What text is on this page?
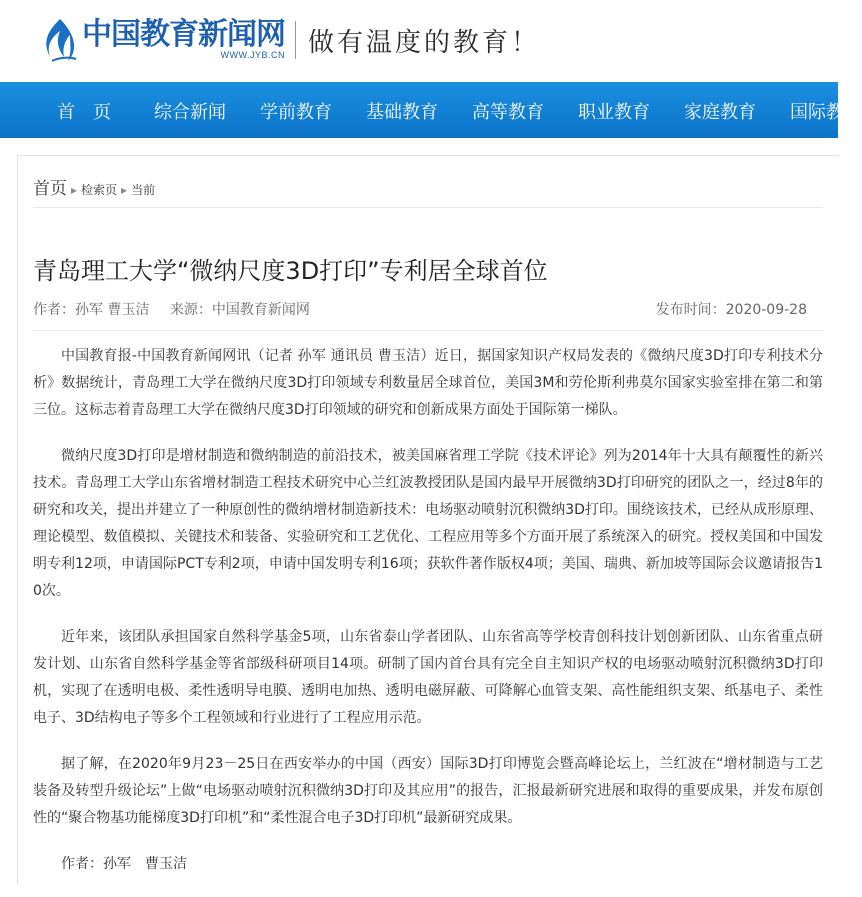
中国教育新闻网
WWW.JYB.CN 做有温度的教育！
首　页 综合新闻 学前教育 基础教育 高等教育 职业教育 家庭教育 国际教育
首页 ▸ 检索页 ▸ 当前
青岛理工大学“微纳尺度3D打印”专利居全球首位
作者：孙军 曹玉洁 来源：中国教育新闻网	发布时间：2020-09-28

中国教育报-中国教育新闻网讯（记者 孙军 通讯员 曹玉洁）近日，据国家知识产权局发表的《微纳尺度3D打印专利技术分析》数据统计，青岛理工大学在微纳尺度3D打印领域专利数量居全球首位，美国3M和劳伦斯利弗莫尔国家实验室排在第二和第三位。这标志着青岛理工大学在微纳尺度3D打印领域的研究和创新成果方面处于国际第一梯队。

微纳尺度3D打印是增材制造和微纳制造的前沿技术，被美国麻省理工学院《技术评论》列为2014年十大具有颠覆性的新兴技术。青岛理工大学山东省增材制造工程技术研究中心兰红波教授团队是国内最早开展微纳3D打印研究的团队之一，经过8年的研究和攻关，提出并建立了一种原创性的微纳增材制造新技术：电场驱动喷射沉积微纳3D打印。围绕该技术，已经从成形原理、理论模型、数值模拟、关键技术和装备、实验研究和工艺优化、工程应用等多个方面开展了系统深入的研究。授权美国和中国发明专利12项，申请国际PCT专利2项，申请中国发明专利16项；获软件著作版权4项；美国、瑞典、新加坡等国际会议邀请报告10次。

近年来，该团队承担国家自然科学基金5项，山东省泰山学者团队、山东省高等学校青创科技计划创新团队、山东省重点研发计划、山东省自然科学基金等省部级科研项目14项。研制了国内首台具有完全自主知识产权的电场驱动喷射沉积微纳3D打印机，实现了在透明电极、柔性透明导电膜、透明电加热、透明电磁屏蔽、可降解心血管支架、高性能组织支架、纸基电子、柔性电子、3D结构电子等多个工程领域和行业进行了工程应用示范。

据了解，在2020年9月23－25日在西安举办的中国（西安）国际3D打印博览会暨高峰论坛上，兰红波在“增材制造与工艺装备及转型升级论坛”上做“电场驱动喷射沉积微纳3D打印及其应用”的报告，汇报最新研究进展和取得的重要成果，并发布原创性的“聚合物基功能梯度3D打印机”和“柔性混合电子3D打印机”最新研究成果。

作者：孙军　曹玉洁
